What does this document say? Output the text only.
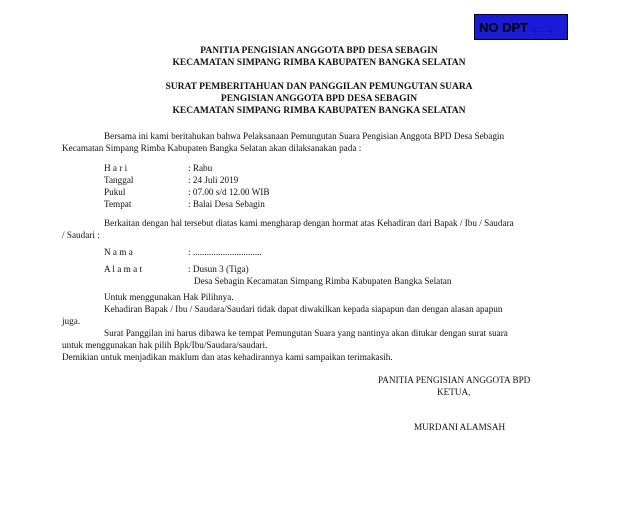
NO DPT ( ............ )
PANITIA PENGISIAN ANGGOTA BPD DESA SEBAGIN
KECAMATAN SIMPANG RIMBA KABUPATEN BANGKA SELATAN
SURAT PEMBERITAHUAN DAN PANGGILAN PEMUNGUTAN SUARA
PENGISIAN ANGGOTA BPD DESA SEBAGIN
KECAMATAN SIMPANG RIMBA KABUPATEN BANGKA SELATAN
Bersama ini kami beritahukan bahwa Pelaksanaan Pemungutan Suara Pengisian Anggota BPD Desa Sebagin
Kecamatan Simpang Rimba Kabupaten Bangka Selatan akan dilaksanakan pada :
H a r i	: Rabu
Tanggal	: 24 Juli 2019
Pukul	: 07.00 s/d 12.00 WIB
Tempat	: Balai Desa Sebagin
Berkaitan dengan hal tersebut diatas kami mengharap dengan hormat atas Kehadiran dari Bapak / Ibu / Saudara
/ Saudari :
N a m a	: ..............................
A l a m a t	: Dusun 3 (Tiga)
Desa Sebagin Kecamatan Simpang Rimba Kabupaten Bangka Selatan
Untuk menggunakan Hak Pilihnya.
Kehadiran Bapak / Ibu / Saudara/Saudari tidak dapat diwakilkan kepada siapapun dan dengan alasan apapun
juga.
Surat Panggilan ini harus dibawa ke tempat Pemungutan Suara yang nantinya akan ditukar dengan surat suara
untuk menggunakan hak pilih Bpk/Ibu/Saudara/saudari.
Demikian untuk menjadikan maklum dan atas kehadirannya kami sampaikan terimakasih.
PANITIA PENGISIAN ANGGOTA BPD
KETUA,
MURDANI ALAMSAH
